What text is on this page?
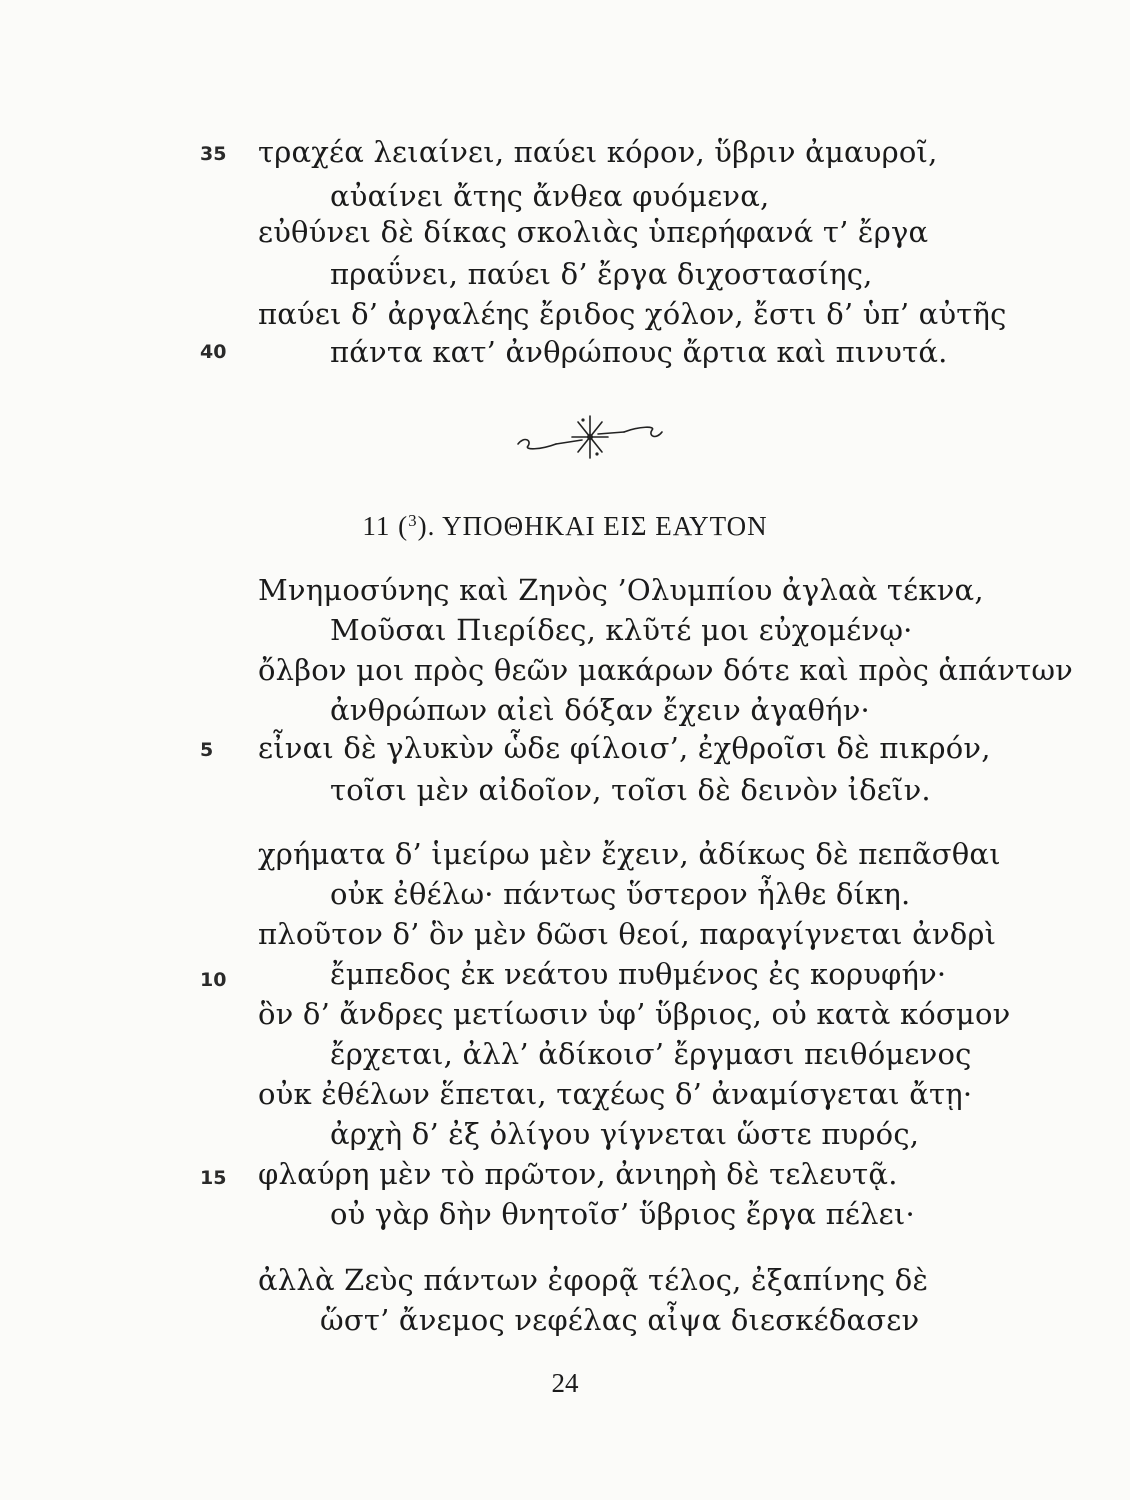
35	τραχέα λειαίνει, παύει κόρον, ὕβριν ἀμαυροῖ,
αὐαίνει ἄτης ἄνθεα φυόμενα,
εὐθύνει δὲ δίκας σκολιὰς ὑπερήφανά τ’ ἔργα
πραΰνει, παύει δ’ ἔργα διχοστασίης,
παύει δ’ ἀργαλέης ἔριδος χόλον, ἔστι δ’ ὑπ’ αὐτῆς
40	πάντα κατ’ ἀνθρώπους ἄρτια καὶ πινυτά.
11 ($^3$). ΥΠΟΘΗΚΑΙ ΕΙΣ ΕΑΥΤΟΝ
Μνημοσύνης καὶ Ζηνὸς ’Ολυμπίου ἀγλαὰ τέκνα,
Μοῦσαι Πιερίδες, κλῦτέ μοι εὐχομένῳ·
ὄλβον μοι πρὸς θεῶν μακάρων δότε καὶ πρὸς ἁπάντων
ἀνθρώπων αἰεὶ δόξαν ἔχειν ἀγαθήν·
5	εἶναι δὲ γλυκὺν ὧδε φίλοισ’, ἐχθροῖσι δὲ πικρόν,
τοῖσι μὲν αἰδοῖον, τοῖσι δὲ δεινὸν ἰδεῖν.
χρήματα δ’ ἱμείρω μὲν ἔχειν, ἀδίκως δὲ πεπᾶσθαι
οὐκ ἐθέλω· πάντως ὕστερον ἦλθε δίκη.
πλοῦτον δ’ ὃν μὲν δῶσι θεοί, παραγίγνεται ἀνδρὶ
10	ἔμπεδος ἐκ νεάτου πυθμένος ἐς κορυφήν·
ὃν δ’ ἄνδρες μετίωσιν ὑφ’ ὕβριος, οὐ κατὰ κόσμον
ἔρχεται, ἀλλ’ ἀδίκοισ’ ἔργμασι πειθόμενος
οὐκ ἐθέλων ἕπεται, ταχέως δ’ ἀναμίσγεται ἄτῃ·
ἀρχὴ δ’ ἐξ ὀλίγου γίγνεται ὥστε πυρός,
15	φλαύρη μὲν τὸ πρῶτον, ἀνιηρὴ δὲ τελευτᾷ.
οὐ γὰρ δὴν θνητοῖσ’ ὕβριος ἔργα πέλει·
ἀλλὰ Ζεὺς πάντων ἐφορᾷ τέλος, ἐξαπίνης δὲ
ὥστ’ ἄνεμος νεφέλας αἶψα διεσκέδασεν
24
